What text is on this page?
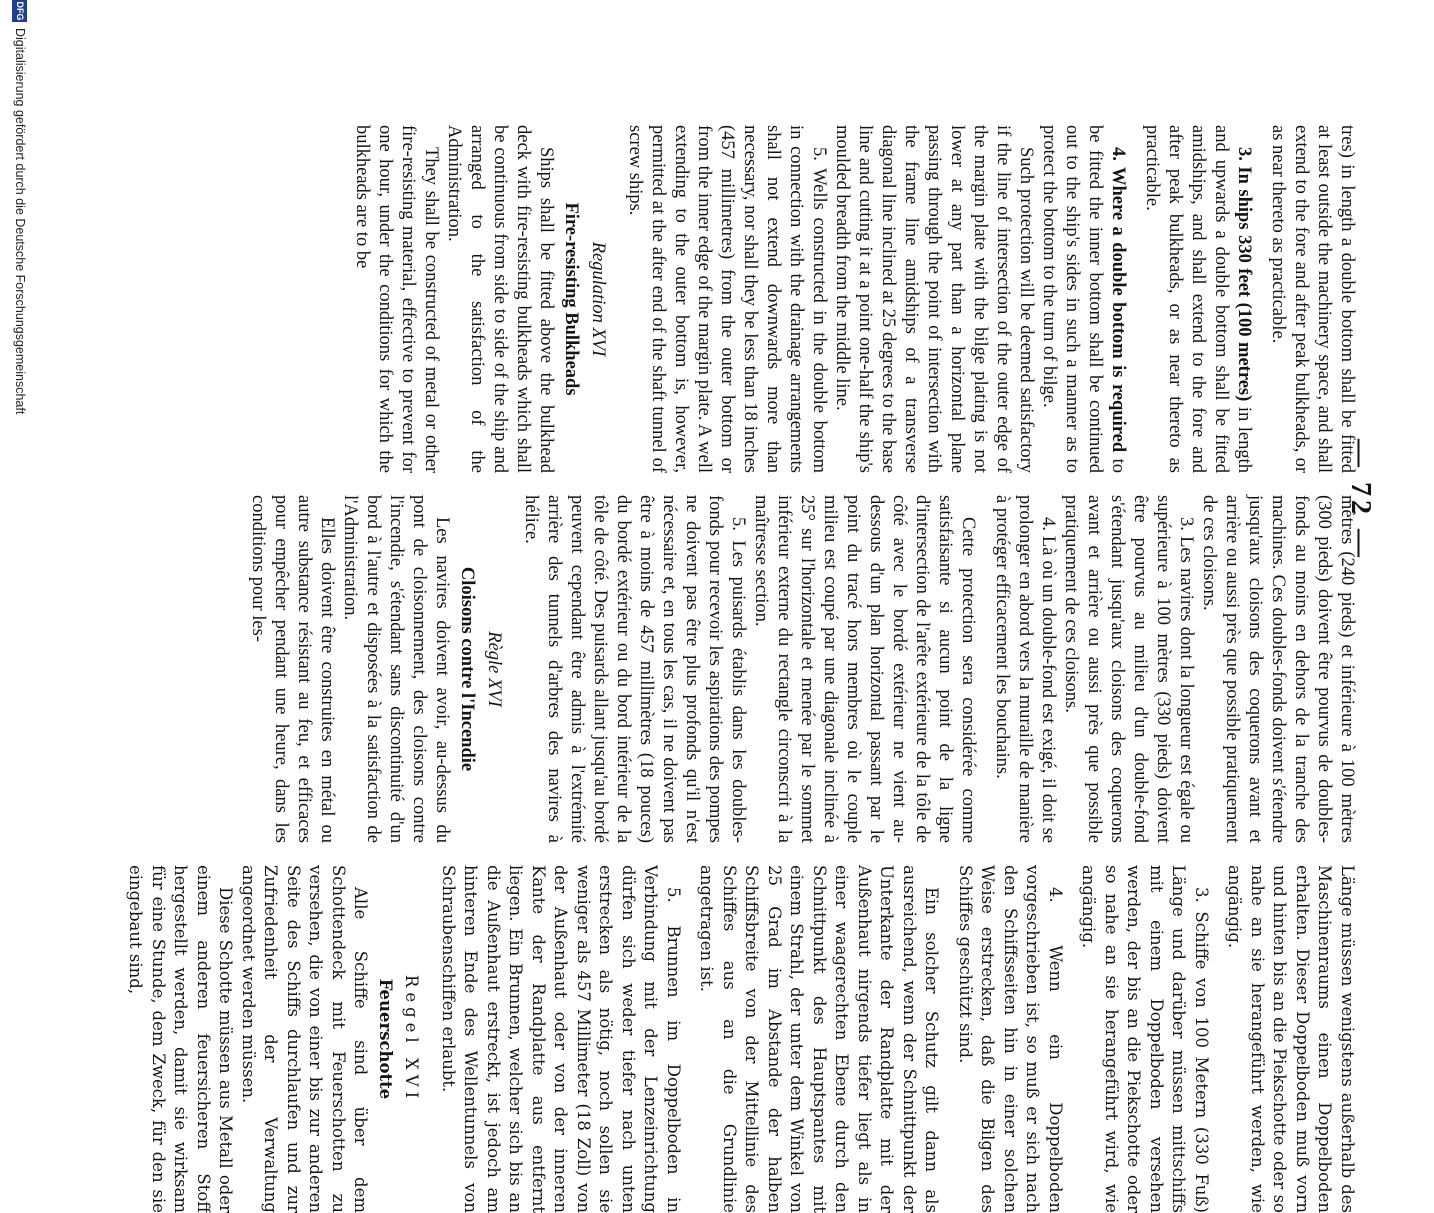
— 72 —

tres) in length a double bottom shall be fitted at least outside the machinery space, and shall extend to the fore and after peak bulkheads, or as near thereto as practicable.

3. In ships 330 feet (100 metres) in length and upwards a double bottom shall be fitted amidships, and shall extend to the fore and after peak bulkheads, or as near thereto as practicable.

4. Where a double bottom is required to be fitted the inner bottom shall be continued out to the ship's sides in such a manner as to protect the bottom to the turn of bilge.

Such protection will be deemed satisfactory if the line of intersection of the outer edge of the margin plate with the bilge plating is not lower at any part than a horizontal plane passing through the point of intersection with the frame line amidships of a transverse diagonal line inclined at 25 degrees to the base line and cutting it at a point one-half the ship's moulded breadth from the middle line.

5. Wells constructed in the double bottom in connection with the drainage arrangements shall not extend downwards more than necessary, nor shall they be less than 18 inches (457 millimetres) from the outer bottom or from the inner edge of the margin plate. A well extending to the outer bottom is, however, permitted at the after end of the shaft tunnel of screw ships.

Regulation XVI

Fire-resisting Bulkheads

Ships shall be fitted above the bulkhead deck with fire-resisting bulkheads which shall be continuous from side to side of the ship and arranged to the satisfaction of the Administration.

They shall be constructed of metal or other fire-resisting material, effective to prevent for one hour, under the conditions for which the bulkheads are to be

mètres (240 pieds) et inférieure à 100 mètres (300 pieds) doivent être pourvus de doubles-fonds au moins en dehors de la tranche des machines. Ces doubles-fonds doivent s'étendre jusqu'aux cloisons des coquerons avant et arrière ou aussi près que possible pratiquement de ces cloisons.

3. Les navires dont la longueur est égale ou supérieure à 100 mètres (330 pieds) doivent être pourvus au milieu d'un double-fond s'étendant jusqu'aux cloisons des coquerons avant et arrière ou aussi près que possible pratiquement de ces cloisons.

4. Là où un double-fond est exigé, il doit se prolonger en abord vers la muraille de manière à protéger efficacement les bouchains.

Cette protection sera considérée comme satisfaisante si aucun point de la ligne d'intersection de l'arête extérieure de la tôle de côté avec le bordé extérieur ne vient au-dessous d'un plan horizontal passant par le point du tracé hors membres où le couple milieu est coupé par une diagonale inclinée à 25° sur l'horizontale et menée par le sommet inférieur externe du rectangle circonscrit à la maîtresse section.

5. Les puisards établis dans les doubles-fonds pour recevoir les aspirations des pompes ne doivent pas être plus profonds qu'il n'est nécessaire et, en tous les cas, il ne doivent pas être à moins de 457 millimètres (18 pouces) du bordé extérieur ou du bord intérieur de la tôle de côté. Des puisards allant jusqu'au bordé peuvent cependant être admis à l'extrémité arrière des tunnels d'arbres des navires à hélice.

Règle XVI

Cloisons contre l'Incendie

Les navires doivent avoir, au-dessus du pont de cloisonnement, des cloisons contre l'incendie, s'étendant sans discontinuité d'un bord à l'autre et disposées à la satisfaction de l'Administration.

Elles doivent être construites en métal ou autre substance résistant au feu, et efficaces pour empêcher pendant une heure, dans les conditions pour les-

Länge müssen wenigstens außerhalb des Maschinenraums einen Doppelboden erhalten. Dieser Doppelboden muß vorn und hinten bis an die Piekschotte oder so nahe an sie herangeführt werden, wie angängig.

3. Schiffe von 100 Metern (330 Fuß) Länge und darüber müssen mittschiffs mit einem Doppelboden versehen werden, der bis an die Piekschotte oder so nahe an sie herangeführt wird, wie angängig.

4. Wenn ein Doppelboden vorgeschrieben ist, so muß er sich nach den Schiffsseiten hin in einer solchen Weise erstrecken, daß die Bilgen des Schiffes geschützt sind.

Ein solcher Schutz gilt dann als ausreichend, wenn der Schnittpunkt der Unterkante der Randplatte mit der Außenhaut nirgends tiefer liegt als in einer waagerechten Ebene durch den Schnittpunkt des Hauptspantes mit einem Strahl, der unter dem Winkel von 25 Grad im Abstande der halben Schiffsbreite von der Mittellinie des Schiffes aus an die Grundlinie angetragen ist.

5. Brunnen im Doppelboden in Verbindung mit der Lenzeinrichtung dürfen sich weder tiefer nach unten erstrecken als nötig, noch sollen sie weniger als 457 Millimeter (18 Zoll) von der Außenhaut oder von der inneren Kante der Randplatte aus entfernt liegen. Ein Brunnen, welcher sich bis an die Außenhaut erstreckt, ist jedoch am hinteren Ende des Wellentunnels von Schraubenschiffen erlaubt.

Regel XVI

Feuerschotte

Alle Schiffe sind über dem Schottendeck mit Feuerschotten zu versehen, die von einer bis zur anderen Seite des Schiffs durchlaufen und zur Zufriedenheit der Verwaltung angeordnet werden müssen.

Diese Schotte müssen aus Metall oder einem anderen feuersicheren Stoff hergestellt werden, damit sie wirksam für eine Stunde, dem Zweck, für den sie eingebaut sind,

DFGDigitalisierung gefördert durch die Deutsche Forschungsgemeinschaft
